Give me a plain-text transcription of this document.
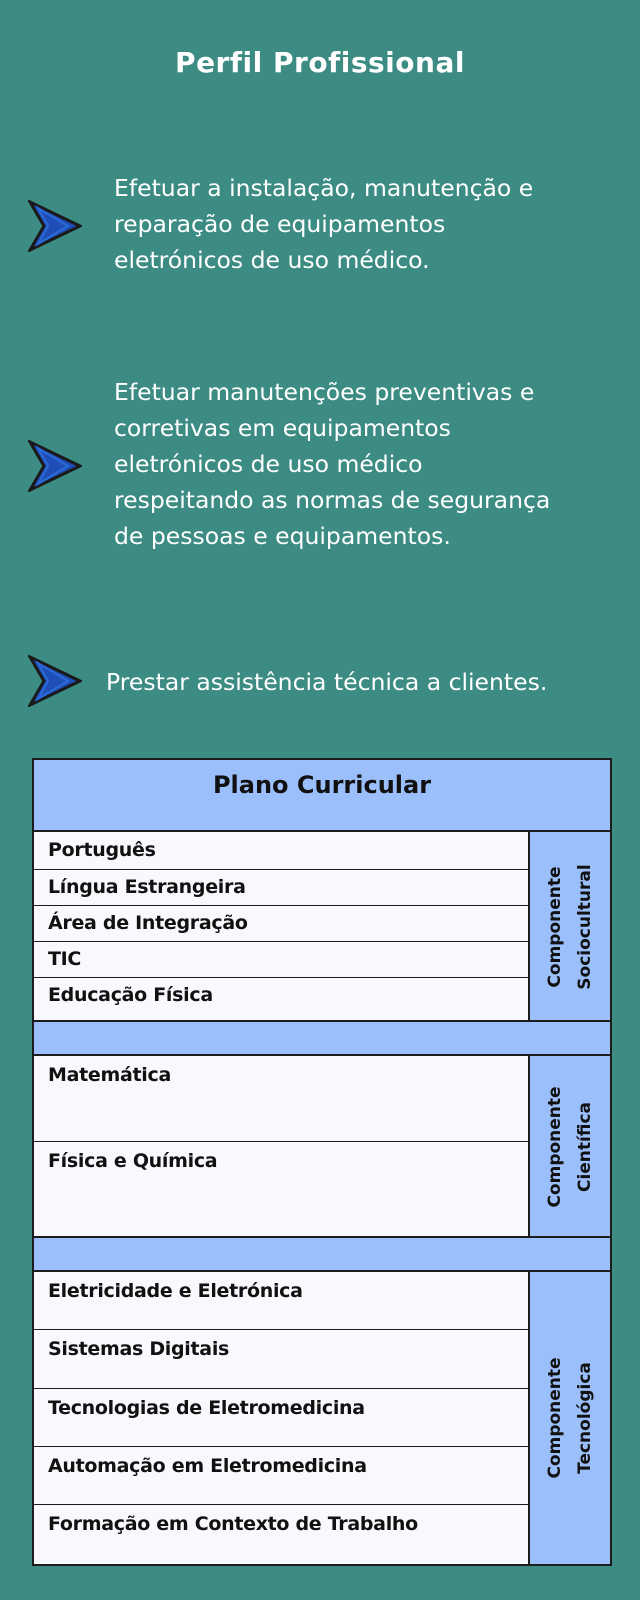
Perfil Profissional

Efetuar a instalação, manutenção e
reparação de equipamentos
eletrónicos de uso médico.

Efetuar manutenções preventivas e
corretivas em equipamentos
eletrónicos de uso médico
respeitando as normas de segurança
de pessoas e equipamentos.

Prestar assistência técnica a clientes.

Plano Curricular
Português
Língua Estrangeira
Área de Integração
TIC
Educação Física
Componente Sociocultural
Matemática
Física e Química	Componente Científica
Eletricidade e Eletrónica
Sistemas Digitais
Tecnologias de Eletromedicina
Automação em Eletromedicina
Formação em Contexto de Trabalho
Componente Tecnológica
